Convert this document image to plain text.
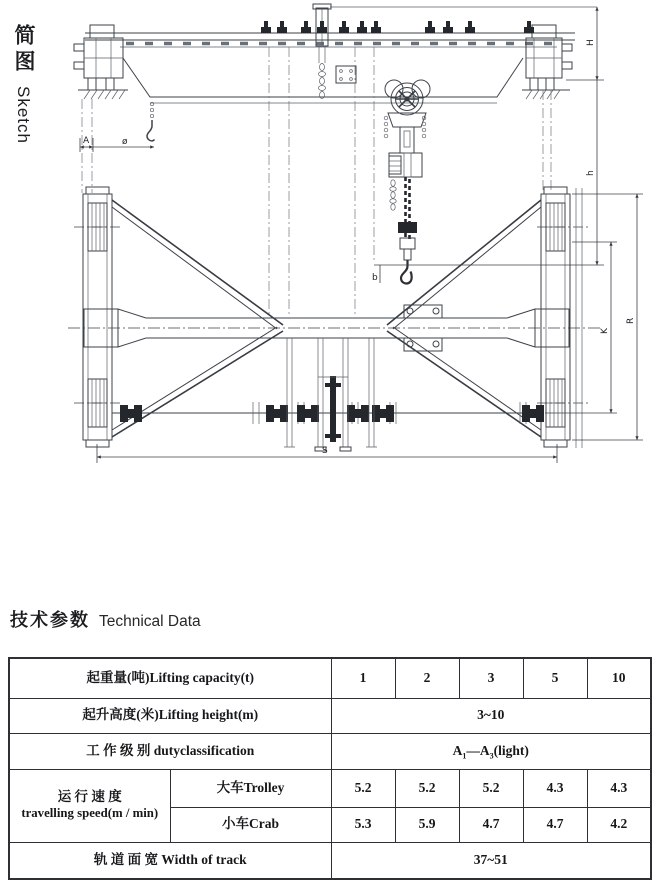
简图Sketch	A	ø
H
h
b
K
R
S
技术参数 Technical Data
起重量(吨)Lifting capacity(t)		1	2	3	5	10
起升高度(米)Lifting height(m)		3~10				
工 作 级 别 dutyclassification		$A_1—A_3(light)$				

运 行 速 度
travelling speed(m / min)	大车Trolley	5.2	5.2	5.2	4.3	4.3
	小车Crab	5.3	5.9	4.7	4.7	4.2
轨 道 面 宽 Width of track		37~51				
